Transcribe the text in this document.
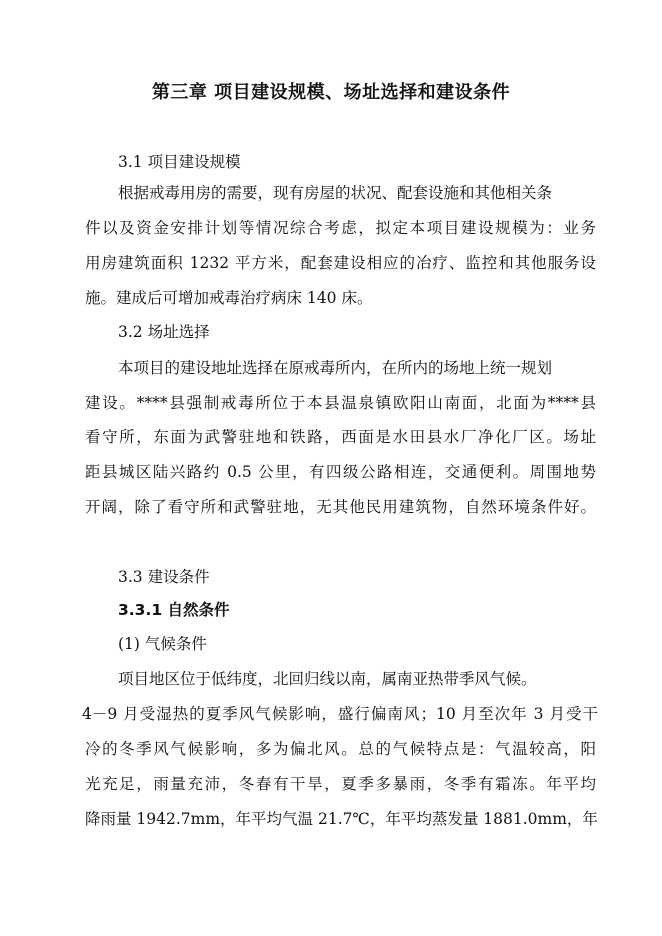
第三章 项目建设规模、场址选择和建设条件
3.1 项目建设规模
根据戒毒用房的需要，现有房屋的状况、配套设施和其他相关条
件以及资金安排计划等情况综合考虑，拟定本项目建设规模为：业务
用房建筑面积 1232 平方米，配套建设相应的冶疗、监控和其他服务设
施。建成后可增加戒毒治疗病床 140 床。
3.2 场址选择
本项目的建设地址选择在原戒毒所内，在所内的场地上统一规划
建设。****县强制戒毒所位于本县温泉镇欧阳山南面，北面为****县
看守所，东面为武警驻地和铁路，西面是水田县水厂净化厂区。场址
距县城区陆兴路约 0.5 公里，有四级公路相连，交通便利。周围地势
开阔，除了看守所和武警驻地，无其他民用建筑物，自然环境条件好。
3.3 建设条件
3.3.1 自然条件
(1) 气候条件
项目地区位于低纬度，北回归线以南，属南亚热带季风气候。
4－9 月受湿热的夏季风气候影响，盛行偏南风；10 月至次年 3 月受干
冷的冬季风气候影响，多为偏北风。总的气候特点是：气温较高，阳
光充足，雨量充沛，冬春有干旱，夏季多暴雨，冬季有霜冻。年平均
降雨量 1942.7mm，年平均气温 21.7℃，年平均蒸发量 1881.0mm，年
